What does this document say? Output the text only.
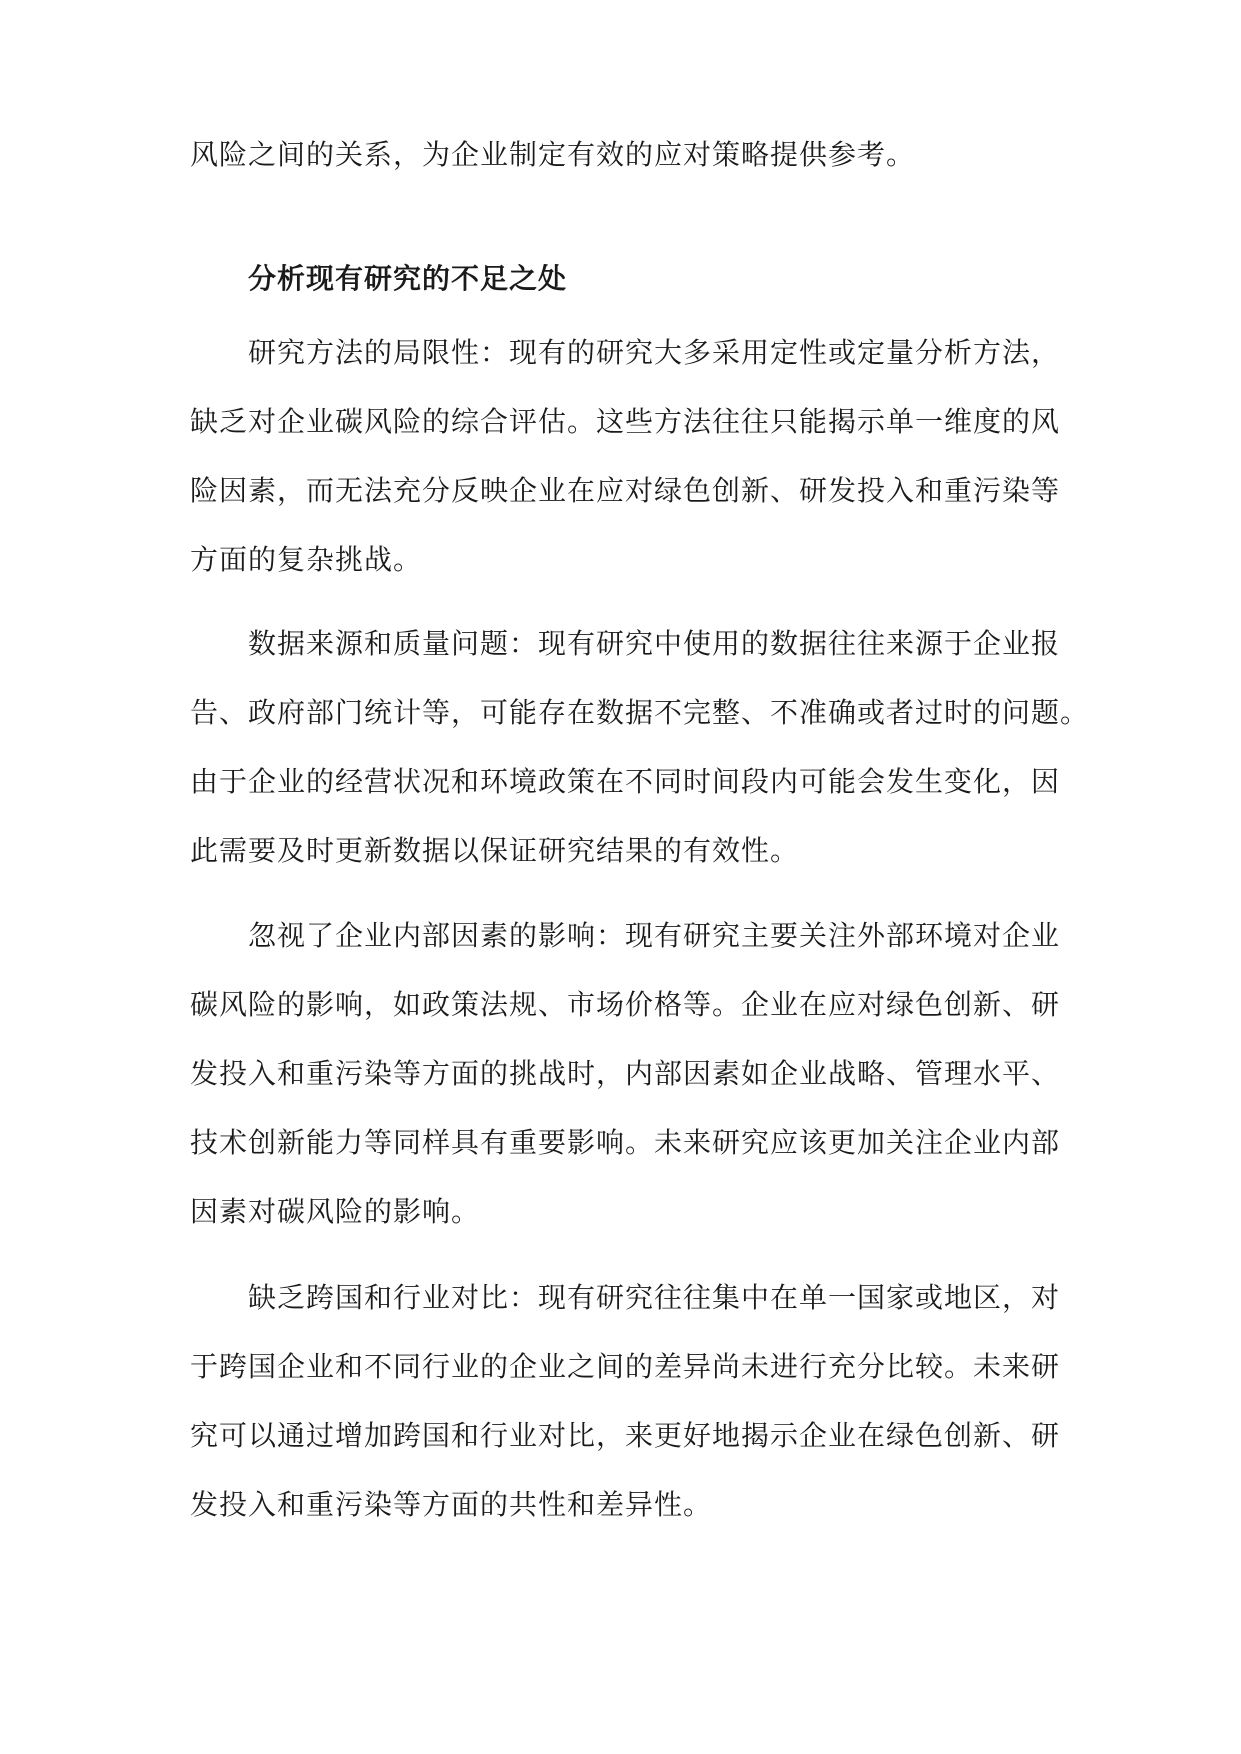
风险之间的关系，为企业制定有效的应对策略提供参考。
分析现有研究的不足之处
研究方法的局限性：现有的研究大多采用定性或定量分析方法，
缺乏对企业碳风险的综合评估。这些方法往往只能揭示单一维度的风
险因素，而无法充分反映企业在应对绿色创新、研发投入和重污染等
方面的复杂挑战。
数据来源和质量问题：现有研究中使用的数据往往来源于企业报
告、政府部门统计等，可能存在数据不完整、不准确或者过时的问题。
由于企业的经营状况和环境政策在不同时间段内可能会发生变化，因
此需要及时更新数据以保证研究结果的有效性。
忽视了企业内部因素的影响：现有研究主要关注外部环境对企业
碳风险的影响，如政策法规、市场价格等。企业在应对绿色创新、研
发投入和重污染等方面的挑战时，内部因素如企业战略、管理水平、
技术创新能力等同样具有重要影响。未来研究应该更加关注企业内部
因素对碳风险的影响。
缺乏跨国和行业对比：现有研究往往集中在单一国家或地区，对
于跨国企业和不同行业的企业之间的差异尚未进行充分比较。未来研
究可以通过增加跨国和行业对比，来更好地揭示企业在绿色创新、研
发投入和重污染等方面的共性和差异性。
